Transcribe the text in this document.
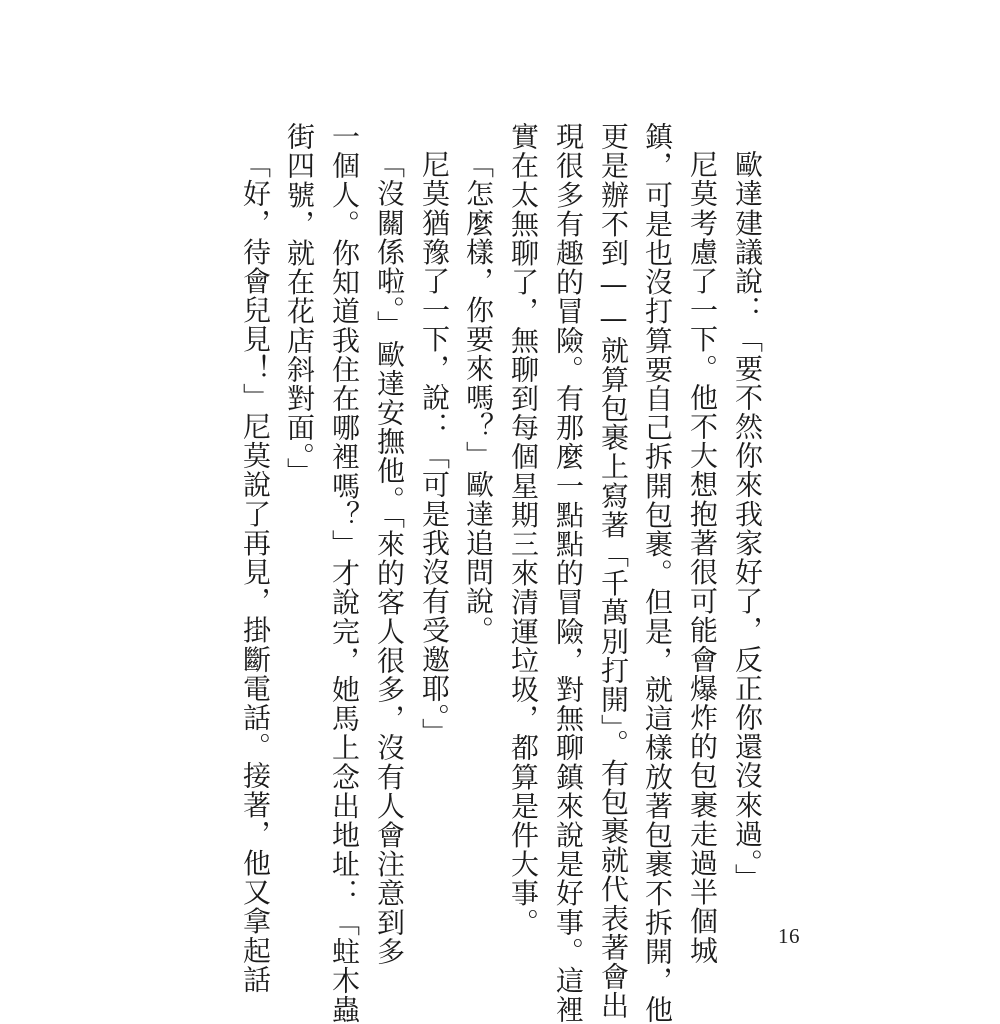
歐達建議說：「要不然你來我家好了，反正你還沒來過。」

尼莫考慮了一下。他不大想抱著很可能會爆炸的包裹走過半個城

鎮，可是也沒打算要自己拆開包裹。但是，就這樣放著包裹不拆開，他

更是辦不到——就算包裹上寫著「千萬別打開」。有包裹就代表著會出

現很多有趣的冒險。有那麼一點點的冒險，對無聊鎮來說是好事。這裡

實在太無聊了，無聊到每個星期三來清運垃圾，都算是件大事。

「怎麼樣，你要來嗎？」歐達追問說。

尼莫猶豫了一下，說：「可是我沒有受邀耶。」

「沒關係啦。」歐達安撫他。「來的客人很多，沒有人會注意到多

一個人。你知道我住在哪裡嗎？」才說完，她馬上念出地址：「蛀木蟲

街四號，就在花店斜對面。」

「好，待會兒見！」尼莫說了再見，掛斷電話。接著，他又拿起話	16
